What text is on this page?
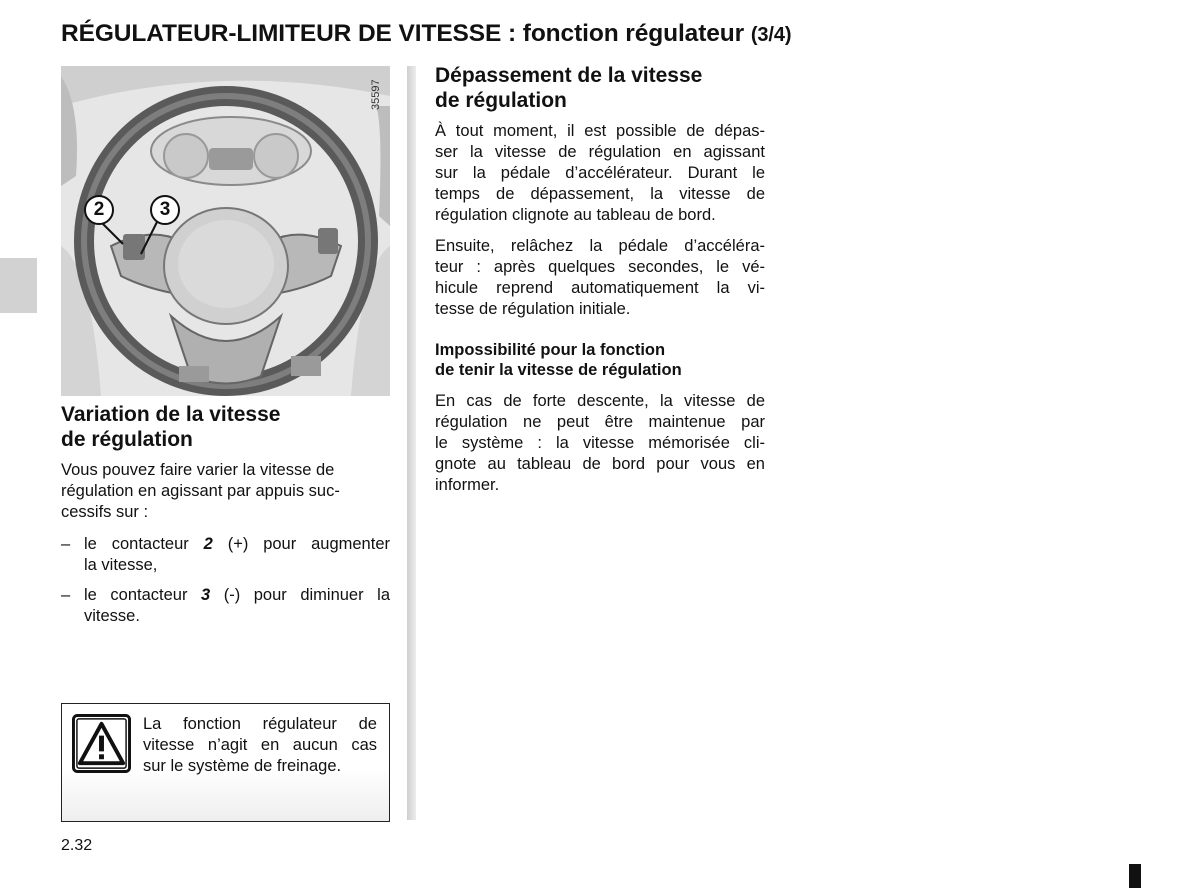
RÉGULATEUR-LIMITEUR DE VITESSE : fonction régulateur (3/4)
2	3
35597
Variation de la vitesse
de régulation
Vous pouvez faire varier la vitesse de
régulation en agissant par appuis suc-
cessifs sur :
– le contacteur 2 (+) pour augmenter
la vitesse,
– le contacteur 3 (-) pour diminuer la
vitesse.
La fonction régulateur de
vitesse n’agit en aucun cas
sur le système de freinage.
Dépassement de la vitesse
de régulation
À tout moment, il est possible de dépas-
ser la vitesse de régulation en agissant
sur la pédale d’accélérateur. Durant le
temps de dépassement, la vitesse de
régulation clignote au tableau de bord.
Ensuite, relâchez la pédale d’accéléra-
teur : après quelques secondes, le vé-
hicule reprend automatiquement la vi-
tesse de régulation initiale.
Impossibilité pour la fonction
de tenir la vitesse de régulation
En cas de forte descente, la vitesse de
régulation ne peut être maintenue par
le système : la vitesse mémorisée cli-
gnote au tableau de bord pour vous en
informer.
2.32
